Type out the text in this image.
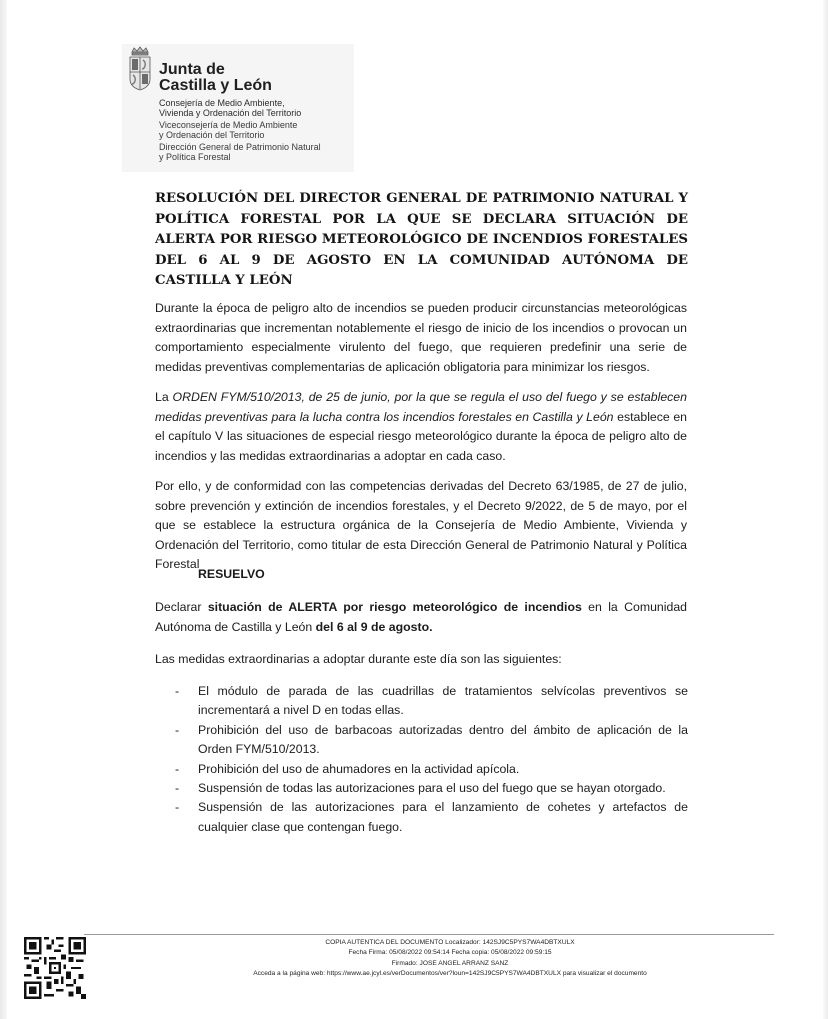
Junta de
Castilla y León
Consejería de Medio Ambiente,
Vivienda y Ordenación del Territorio
Viceconsejería de Medio Ambiente
y Ordenación del Territorio
Dirección General de Patrimonio Natural
y Política Forestal
RESOLUCIÓN DEL DIRECTOR GENERAL DE PATRIMONIO NATURAL Y POLÍTICA FORESTAL POR LA QUE SE DECLARA SITUACIÓN DE ALERTA POR RIESGO METEOROLÓGICO DE INCENDIOS FORESTALES DEL 6 AL 9 DE AGOSTO EN LA COMUNIDAD AUTÓNOMA DE CASTILLA Y LEÓN
Durante la época de peligro alto de incendios se pueden producir circunstancias meteorológicas extraordinarias que incrementan notablemente el riesgo de inicio de los incendios o provocan un comportamiento especialmente virulento del fuego, que requieren predefinir una serie de medidas preventivas complementarias de aplicación obligatoria para minimizar los riesgos.
La ORDEN FYM/510/2013, de 25 de junio, por la que se regula el uso del fuego y se establecen medidas preventivas para la lucha contra los incendios forestales en Castilla y León establece en el capítulo V las situaciones de especial riesgo meteorológico durante la época de peligro alto de incendios y las medidas extraordinarias a adoptar en cada caso.
Por ello, y de conformidad con las competencias derivadas del Decreto 63/1985, de 27 de julio, sobre prevención y extinción de incendios forestales, y el Decreto 9/2022, de 5 de mayo, por el que se establece la estructura orgánica de la Consejería de Medio Ambiente, Vivienda y Ordenación del Territorio, como titular de esta Dirección General de Patrimonio Natural y Política Forestal
RESUELVO
Declarar situación de ALERTA por riesgo meteorológico de incendios en la Comunidad Autónoma de Castilla y León del 6 al 9 de agosto.
Las medidas extraordinarias a adoptar durante este día son las siguientes:
- El módulo de parada de las cuadrillas de tratamientos selvícolas preventivos se incrementará a nivel D en todas ellas.
- Prohibición del uso de barbacoas autorizadas dentro del ámbito de aplicación de la Orden FYM/510/2013.
- Prohibición del uso de ahumadores en la actividad apícola.
- Suspensión de todas las autorizaciones para el uso del fuego que se hayan otorgado.
- Suspensión de las autorizaciones para el lanzamiento de cohetes y artefactos de cualquier clase que contengan fuego.
COPIA AUTENTICA DEL DOCUMENTO Localizador: 142SJ9C5PYS7WA4DBTXULX
Fecha Firma: 05/08/2022 09:54:14 Fecha copia: 05/08/2022 09:59:15
Firmado: JOSE ANGEL ARRANZ SANZ
Acceda a la página web: https://www.ae.jcyl.es/verDocumentos/ver?loun=142SJ9C5PYS7WA4DBTXULX para visualizar el documento
